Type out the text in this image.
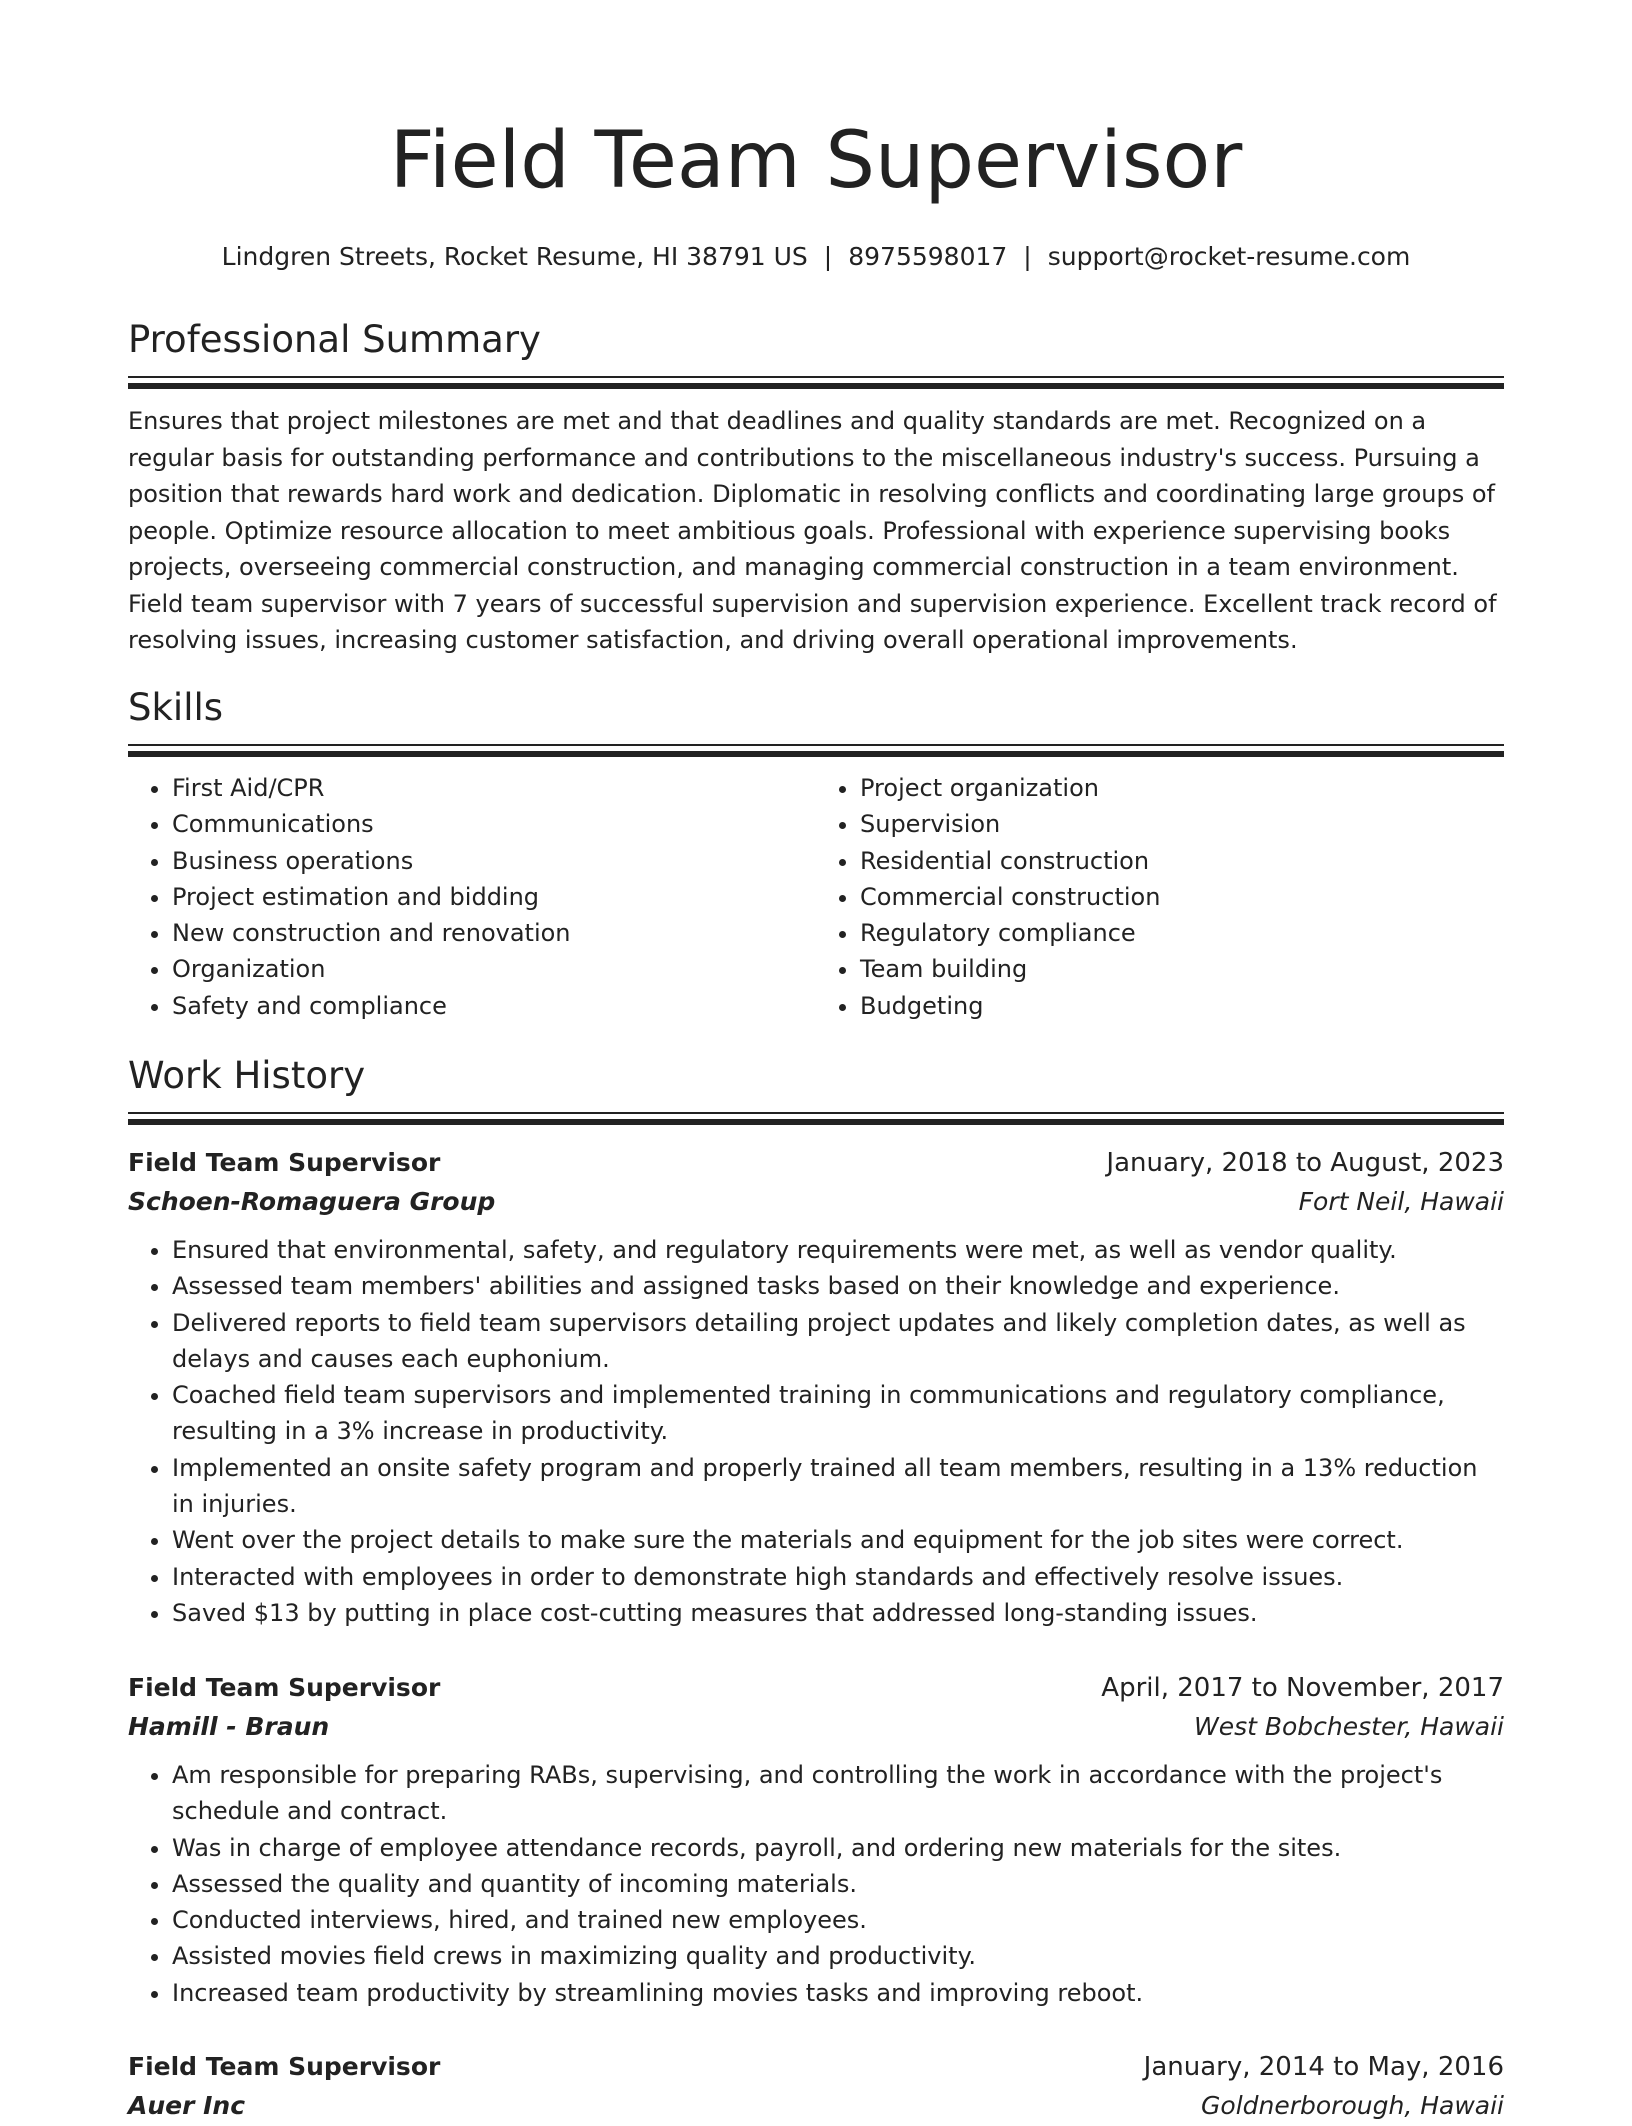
Field Team Supervisor
Lindgren Streets, Rocket Resume, HI 38791 US | 8975598017 | support@rocket-resume.com
Professional Summary

Ensures that project milestones are met and that deadlines and quality standards are met. Recognized on a regular basis for outstanding performance and contributions to the miscellaneous industry's success. Pursuing a position that rewards hard work and dedication. Diplomatic in resolving conflicts and coordinating large groups of people. Optimize resource allocation to meet ambitious goals. Professional with experience supervising books projects, overseeing commercial construction, and managing commercial construction in a team environment. Field team supervisor with 7 years of successful supervision and supervision experience. Excellent track record of resolving issues, increasing customer satisfaction, and driving overall operational improvements.

Skills
• First Aid/CPR
• Communications
• Business operations
• Project estimation and bidding
• New construction and renovation
• Organization
• Safety and compliance
• Project organization
• Supervision
• Residential construction
• Commercial construction
• Regulatory compliance
• Team building
• Budgeting
Work History
Field Team Supervisor	January, 2018 to August, 2023
Schoen-Romaguera Group	Fort Neil, Hawaii
• Ensured that environmental, safety, and regulatory requirements were met, as well as vendor quality.
• Assessed team members' abilities and assigned tasks based on their knowledge and experience.
• Delivered reports to field team supervisors detailing project updates and likely completion dates, as well as delays and causes each euphonium.
• Coached field team supervisors and implemented training in communications and regulatory compliance, resulting in a 3% increase in productivity.
• Implemented an onsite safety program and properly trained all team members, resulting in a 13% reduction in injuries.
• Went over the project details to make sure the materials and equipment for the job sites were correct.
• Interacted with employees in order to demonstrate high standards and effectively resolve issues.
• Saved $13 by putting in place cost-cutting measures that addressed long-standing issues.
Field Team Supervisor	April, 2017 to November, 2017
Hamill - Braun	West Bobchester, Hawaii
• Am responsible for preparing RABs, supervising, and controlling the work in accordance with the project's schedule and contract.
• Was in charge of employee attendance records, payroll, and ordering new materials for the sites.
• Assessed the quality and quantity of incoming materials.
• Conducted interviews, hired, and trained new employees.
• Assisted movies field crews in maximizing quality and productivity.
• Increased team productivity by streamlining movies tasks and improving reboot.
Field Team Supervisor	January, 2014 to May, 2016
Auer Inc	Goldnerborough, Hawaii
